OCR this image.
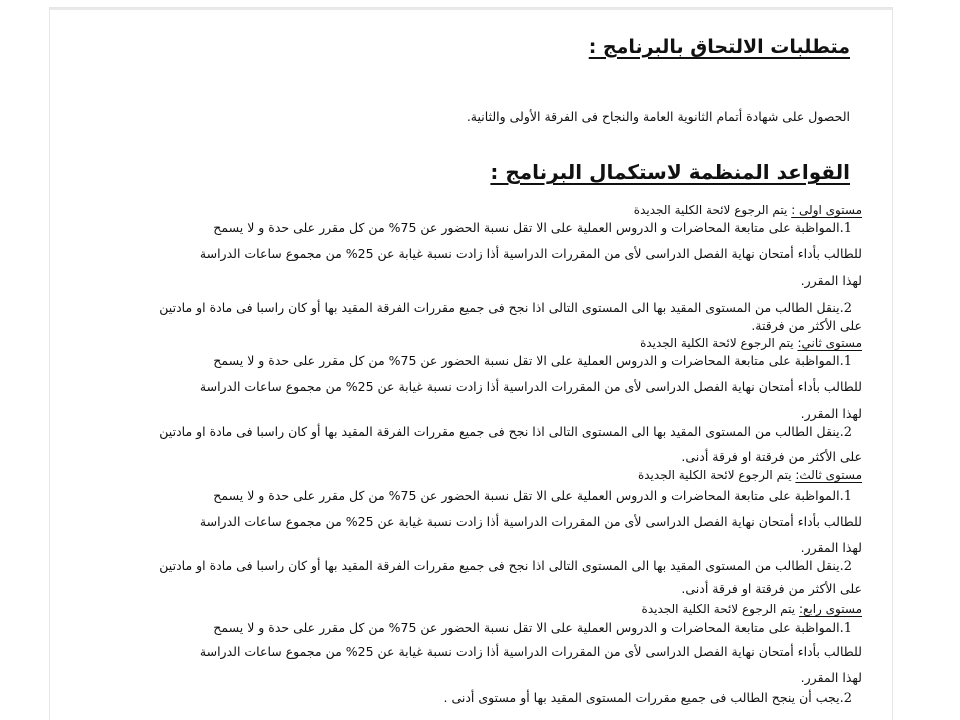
متطلبات الالتحاق بالبرنامج :
الحصول على شهادة أتمام الثانوية العامة والنجاح فى الفرقة الأولى والثانية.
القواعد المنظمة لاستكمال البرنامج :
مستوى اولى : يتم الرجوع لائحة الكلية الجديدة
1.المواظبة على متابعة المحاضرات و الدروس العملية على الا تقل نسبة الحضور عن 75% من كل مقرر على حدة و لا يسمح
للطالب بأداء أمتحان نهاية الفصل الدراسى لأى من المقررات الدراسية أذا زادت نسبة غيابة عن 25% من مجموع ساعات الدراسة
لهذا المقرر.
2.ينقل الطالب من المستوى المقيد بها الى المستوى التالى اذا نجح فى جميع مقررات الفرقة المقيد بها أو كان راسبا فى مادة او مادتين
على الأكثر من فرقتة.
مستوى ثاني: يتم الرجوع لائحة الكلية الجديدة
1.المواظبة على متابعة المحاضرات و الدروس العملية على الا تقل نسبة الحضور عن 75% من كل مقرر على حدة و لا يسمح
للطالب بأداء أمتحان نهاية الفصل الدراسى لأى من المقررات الدراسية أذا زادت نسبة غيابة عن 25% من مجموع ساعات الدراسة
لهذا المقرر.
2.ينقل الطالب من المستوى المقيد بها الى المستوى التالى اذا نجح فى جميع مقررات الفرقة المقيد بها أو كان راسبا فى مادة او مادتين
على الأكثر من فرقتة او فرقة أدنى.
مستوى ثالث: يتم الرجوع لائحة الكلية الجديدة
1.المواظبة على متابعة المحاضرات و الدروس العملية على الا تقل نسبة الحضور عن 75% من كل مقرر على حدة و لا يسمح
للطالب بأداء أمتحان نهاية الفصل الدراسى لأى من المقررات الدراسية أذا زادت نسبة غيابة عن 25% من مجموع ساعات الدراسة
لهذا المقرر.
2.ينقل الطالب من المستوى المقيد بها الى المستوى التالى اذا نجح فى جميع مقررات الفرقة المقيد بها أو كان راسبا فى مادة او مادتين
على الأكثر من فرقتة او فرقة أدنى.
مستوى رابع: يتم الرجوع لائحة الكلية الجديدة
1.المواظبة على متابعة المحاضرات و الدروس العملية على الا تقل نسبة الحضور عن 75% من كل مقرر على حدة و لا يسمح
للطالب بأداء أمتحان نهاية الفصل الدراسى لأى من المقررات الدراسية أذا زادت نسبة غيابة عن 25% من مجموع ساعات الدراسة
لهذا المقرر.
2.يجب أن ينجح الطالب فى جميع مقررات المستوى المقيد بها أو مستوى أدنى .
